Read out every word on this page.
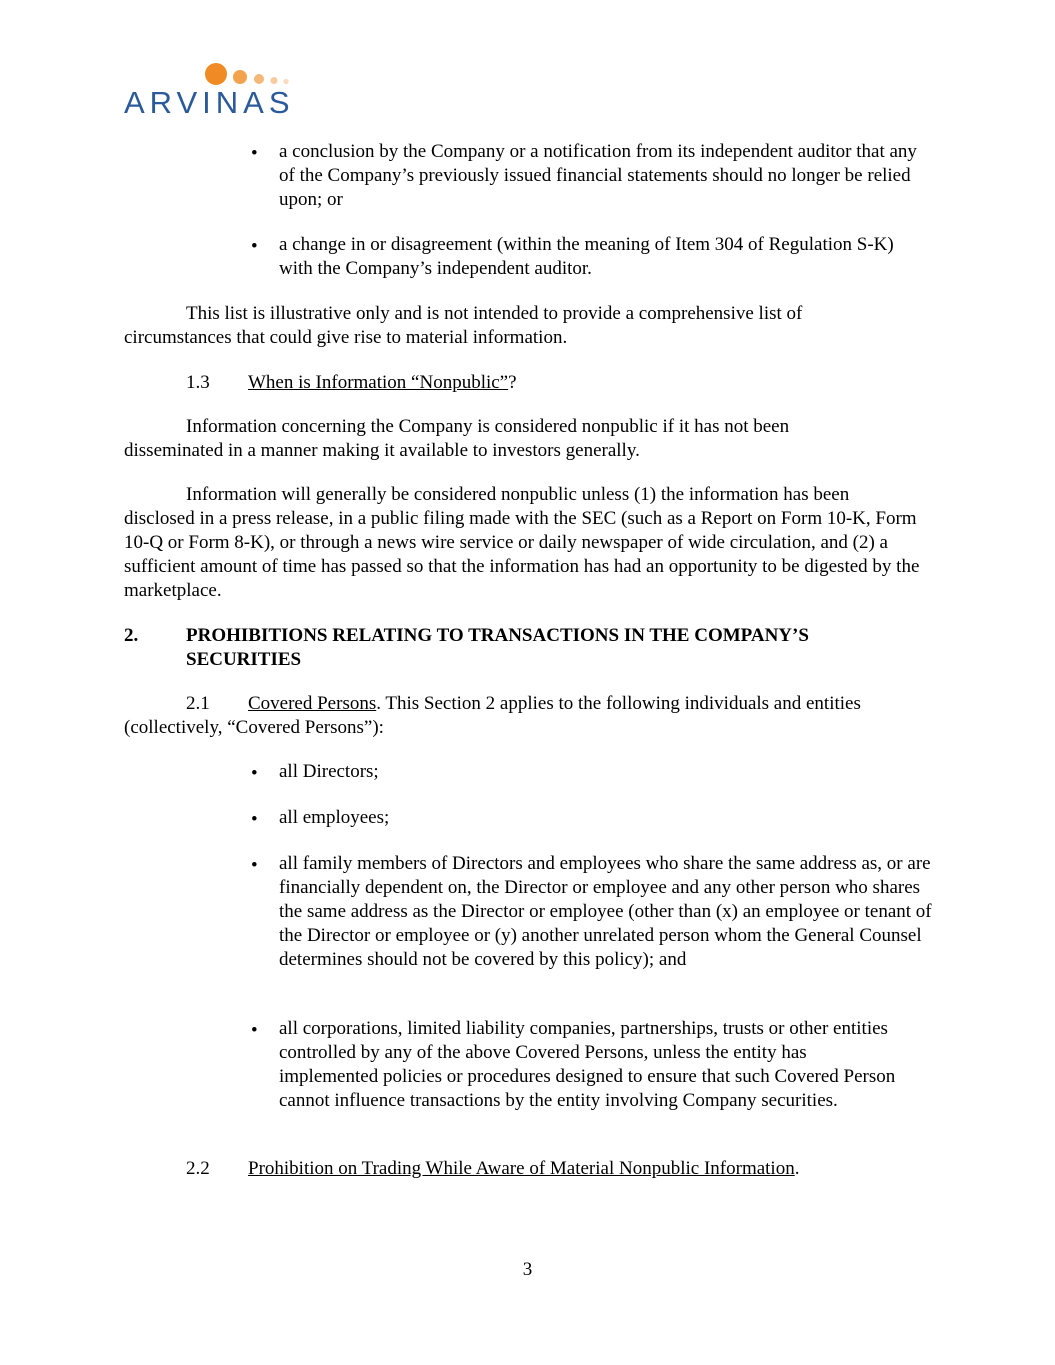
ARVINAS
• a conclusion by the Company or a notification from its independent auditor that any of the Company’s previously issued financial statements should no longer be relied upon; or

• a change in or disagreement (within the meaning of Item 304 of Regulation S-K) with the Company’s independent auditor.

This list is illustrative only and is not intended to provide a comprehensive list of circumstances that could give rise to material information.

1.3 When is Information “Nonpublic”?

Information concerning the Company is considered nonpublic if it has not been disseminated in a manner making it available to investors generally.

Information will generally be considered nonpublic unless (1) the information has been disclosed in a press release, in a public filing made with the SEC (such as a Report on Form 10-K, Form 10-Q or Form 8-K), or through a news wire service or daily newspaper of wide circulation, and (2) a sufficient amount of time has passed so that the information has had an opportunity to be digested by the marketplace.

2.	PROHIBITIONS RELATING TO TRANSACTIONS IN THE COMPANY’S SECURITIES

2.1	Covered Persons. This Section 2 applies to the following individuals and entities (collectively, “Covered Persons”):

• all Directors;

• all employees;

• all family members of Directors and employees who share the same address as, or are financially dependent on, the Director or employee and any other person who shares the same address as the Director or employee (other than (x) an employee or tenant of the Director or employee or (y) another unrelated person whom the General Counsel determines should not be covered by this policy); and

• all corporations, limited liability companies, partnerships, trusts or other entities controlled by any of the above Covered Persons, unless the entity has implemented policies or procedures designed to ensure that such Covered Person cannot influence transactions by the entity involving Company securities.

2.2 Prohibition on Trading While Aware of Material Nonpublic Information.
3
